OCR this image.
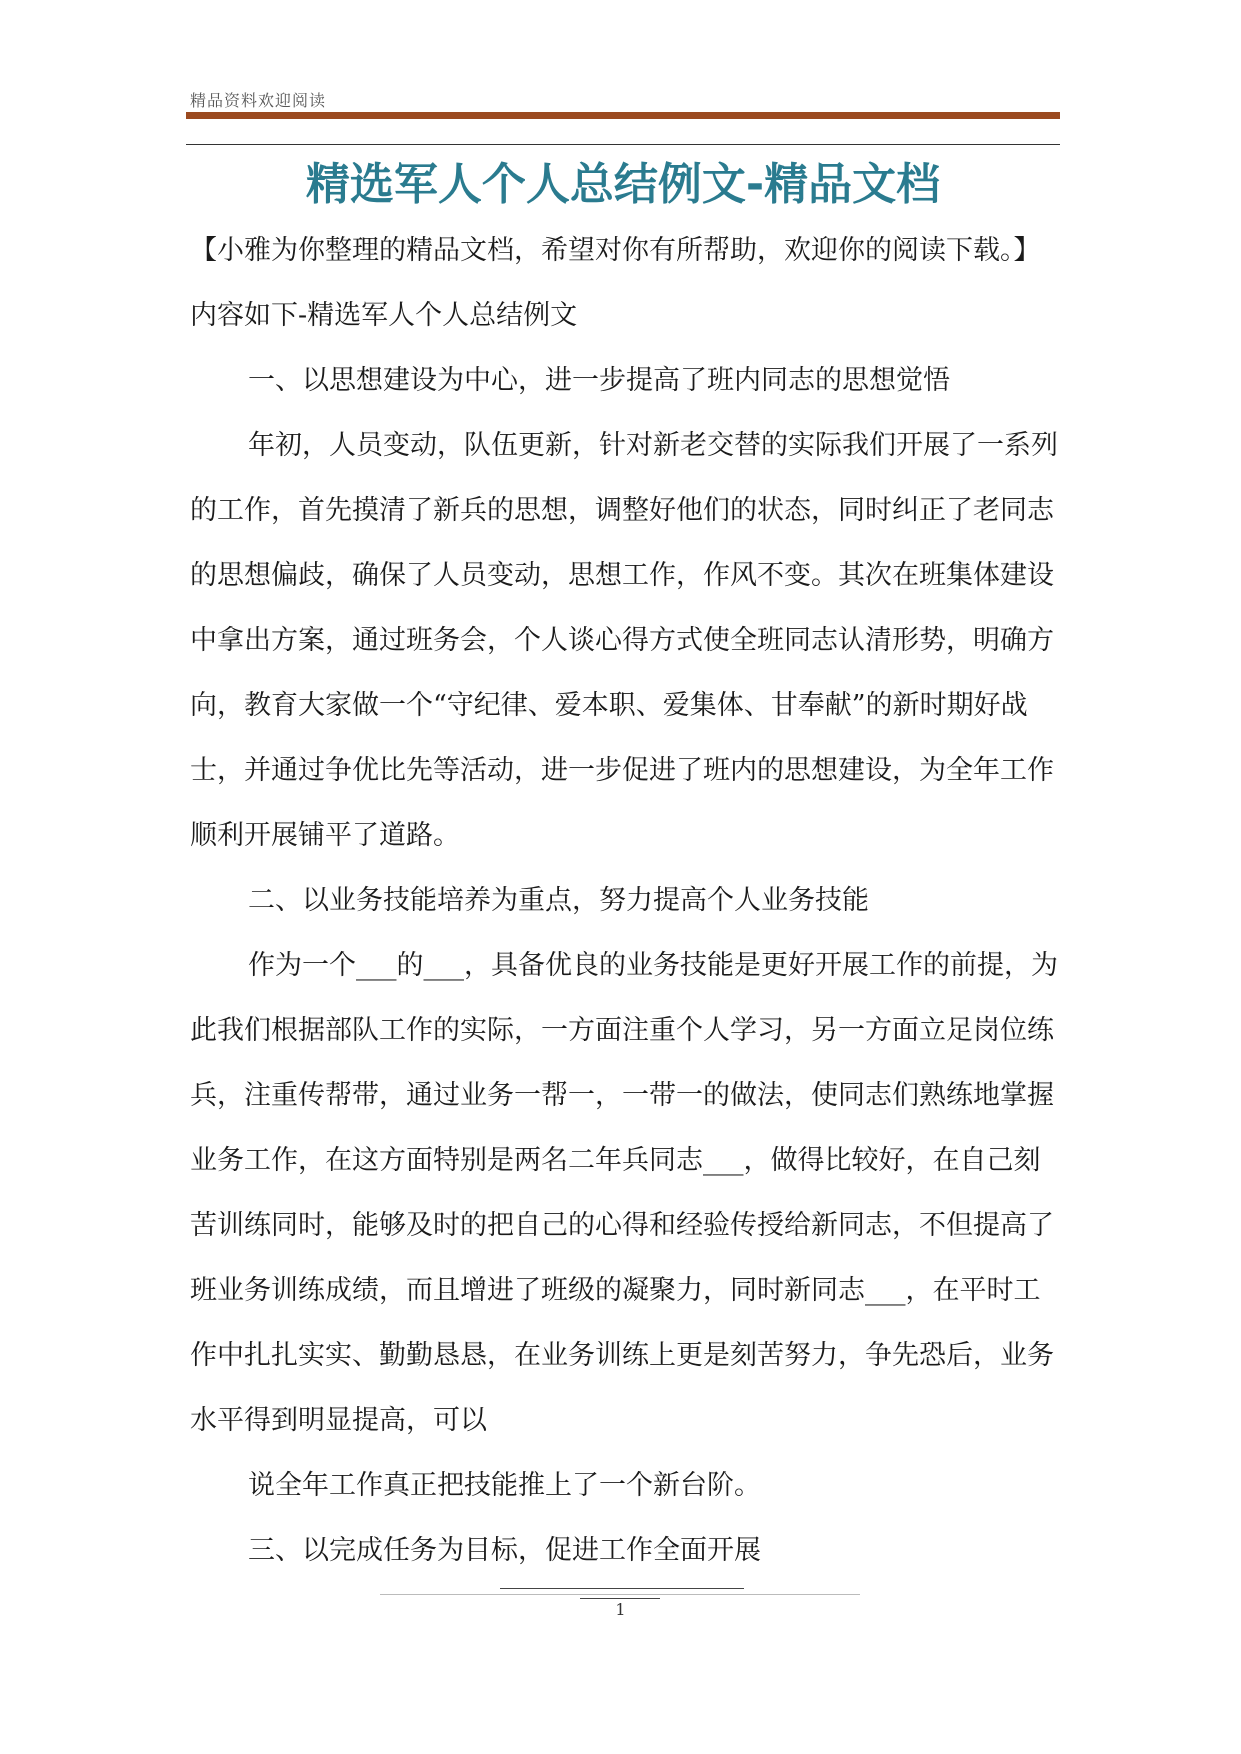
精品资料欢迎阅读
精选军人个人总结例文-精品文档

【小雅为你整理的精品文档，希望对你有所帮助，欢迎你的阅读下载。】内容如下-精选军人个人总结例文

一、以思想建设为中心，进一步提高了班内同志的思想觉悟

年初，人员变动，队伍更新，针对新老交替的实际我们开展了一系列的工作，首先摸清了新兵的思想，调整好他们的状态，同时纠正了老同志的思想偏歧，确保了人员变动，思想工作，作风不变。其次在班集体建设中拿出方案，通过班务会，个人谈心得方式使全班同志认清形势，明确方向，教育大家做一个“守纪律、爱本职、爱集体、甘奉献”的新时期好战士，并通过争优比先等活动，进一步促进了班内的思想建设，为全年工作顺利开展铺平了道路。

二、以业务技能培养为重点，努力提高个人业务技能

作为一个___的___，具备优良的业务技能是更好开展工作的前提，为此我们根据部队工作的实际，一方面注重个人学习，另一方面立足岗位练兵，注重传帮带，通过业务一帮一，一带一的做法，使同志们熟练地掌握业务工作，在这方面特别是两名二年兵同志___，做得比较好，在自己刻苦训练同时，能够及时的把自己的心得和经验传授给新同志，不但提高了班业务训练成绩，而且增进了班级的凝聚力，同时新同志___，在平时工作中扎扎实实、勤勤恳恳，在业务训练上更是刻苦努力，争先恐后，业务水平得到明显提高，可以

说全年工作真正把技能推上了一个新台阶。

三、以完成任务为目标，促进工作全面开展

1
